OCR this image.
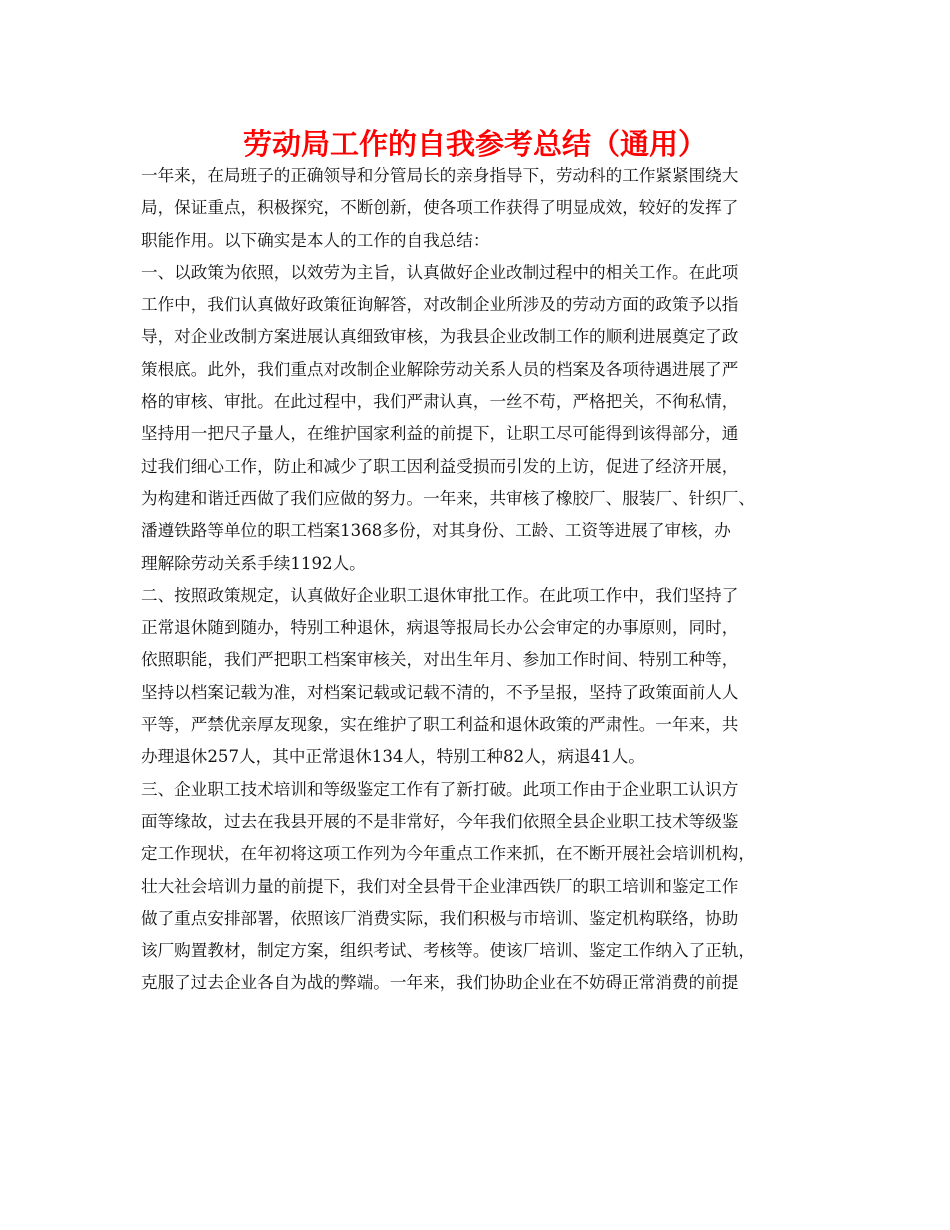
劳动局工作的自我参考总结（通用）
一年来，在局班子的正确领导和分管局长的亲身指导下，劳动科的工作紧紧围绕大
局，保证重点，积极探究，不断创新，使各项工作获得了明显成效，较好的发挥了
职能作用。以下确实是本人的工作的自我总结：
一、以政策为依照，以效劳为主旨，认真做好企业改制过程中的相关工作。在此项
工作中，我们认真做好政策征询解答，对改制企业所涉及的劳动方面的政策予以指
导，对企业改制方案进展认真细致审核，为我县企业改制工作的顺利进展奠定了政
策根底。此外，我们重点对改制企业解除劳动关系人员的档案及各项待遇进展了严
格的审核、审批。在此过程中，我们严肃认真，一丝不苟，严格把关，不徇私情，
坚持用一把尺子量人，在维护国家利益的前提下，让职工尽可能得到该得部分，通
过我们细心工作，防止和减少了职工因利益受损而引发的上访，促进了经济开展，
为构建和谐迁西做了我们应做的努力。一年来，共审核了橡胶厂、服装厂、针织厂、
潘遵铁路等单位的职工档案1368多份，对其身份、工龄、工资等进展了审核，办
理解除劳动关系手续1192人。
二、按照政策规定，认真做好企业职工退休审批工作。在此项工作中，我们坚持了
正常退休随到随办，特别工种退休，病退等报局长办公会审定的办事原则，同时，
依照职能，我们严把职工档案审核关，对出生年月、参加工作时间、特别工种等，
坚持以档案记载为准，对档案记载或记载不清的，不予呈报，坚持了政策面前人人
平等，严禁优亲厚友现象，实在维护了职工利益和退休政策的严肃性。一年来，共
办理退休257人，其中正常退休134人，特别工种82人，病退41人。
三、企业职工技术培训和等级鉴定工作有了新打破。此项工作由于企业职工认识方
面等缘故，过去在我县开展的不是非常好，今年我们依照全县企业职工技术等级鉴
定工作现状，在年初将这项工作列为今年重点工作来抓，在不断开展社会培训机构，
壮大社会培训力量的前提下，我们对全县骨干企业津西铁厂的职工培训和鉴定工作
做了重点安排部署，依照该厂消费实际，我们积极与市培训、鉴定机构联络，协助
该厂购置教材，制定方案，组织考试、考核等。使该厂培训、鉴定工作纳入了正轨，
克服了过去企业各自为战的弊端。一年来，我们协助企业在不妨碍正常消费的前提
